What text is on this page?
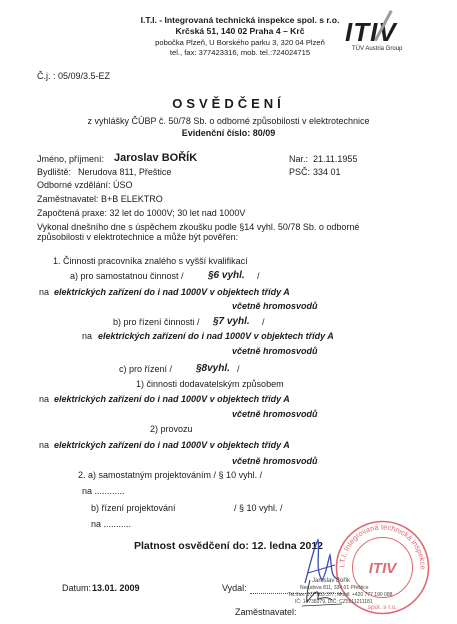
I.T.I. - Integrovaná technická inspekce spol. s r.o.
Krčská 51, 140 02 Praha 4 – Krč
pobočka Plzeň, U Borského parku 3, 320 04 Plzeň
tel., fax: 377423316, mob. tel.:724024715
ITIV
TÜV Austria Group
Č.j. : 05/09/3.5-EZ
OSVĚDČENÍ
z vyhlášky ČÚBP č. 50/78 Sb. o odborné způsobilosti v elektrotechnice
Evidenční číslo: 80/09
Jméno, příjmení: Jaroslav BOŘÍK	Nar.: 21.11.1955
Bydliště: Nerudova 811, Přeštice	PSČ: 334 01
Odborné vzdělání: ÚSO
Zaměstnavatel: B+B ELEKTRO
Započtená praxe: 32 let do 1000V; 30 let nad 1000V
Vykonal dnešního dne s úspěchem zkoušku podle §14 vyhl. 50/78 Sb. o odborné
způsobilosti v elektrotechnice a může být pověřen:
1. Činnosti pracovníka znalého s vyšší kvalifikací
a) pro samostatnou činnost / §6 vyhl. /
na elektrických zařízení do i nad 1000V v objektech třídy A
včetně hromosvodů
b) pro řízení činnosti / §7 vyhl. /
na elektrických zařízení do i nad 1000V v objektech třídy A
včetně hromosvodů
c) pro řízení / §8vyhl. /
1) činnosti dodavatelským způsobem
na elektrických zařízení do i nad 1000V v objektech třídy A
včetně hromosvodů
2) provozu
na elektrických zařízení do i nad 1000V v objektech třídy A
včetně hromosvodů
2. a) samostatným projektováním / § 10 vyhl. /
na ............
b) řízení projektování	/ § 10 vyhl. /
na ...........
Platnost osvědčení do: 12. ledna 2012
Datum: 13.01. 2009	Vydal:
Zaměstnavatel:
I.T.I. Integrovaná technická inspekce
ITIV
spol. s r.o.
Jaroslav Bořík
Nerudova 811, 334 01 Přeštice
Tel./fax: 377 983 377, Mobil: +420 777 190 088
IČ: 14738379, DIČ: CZ5511211181
